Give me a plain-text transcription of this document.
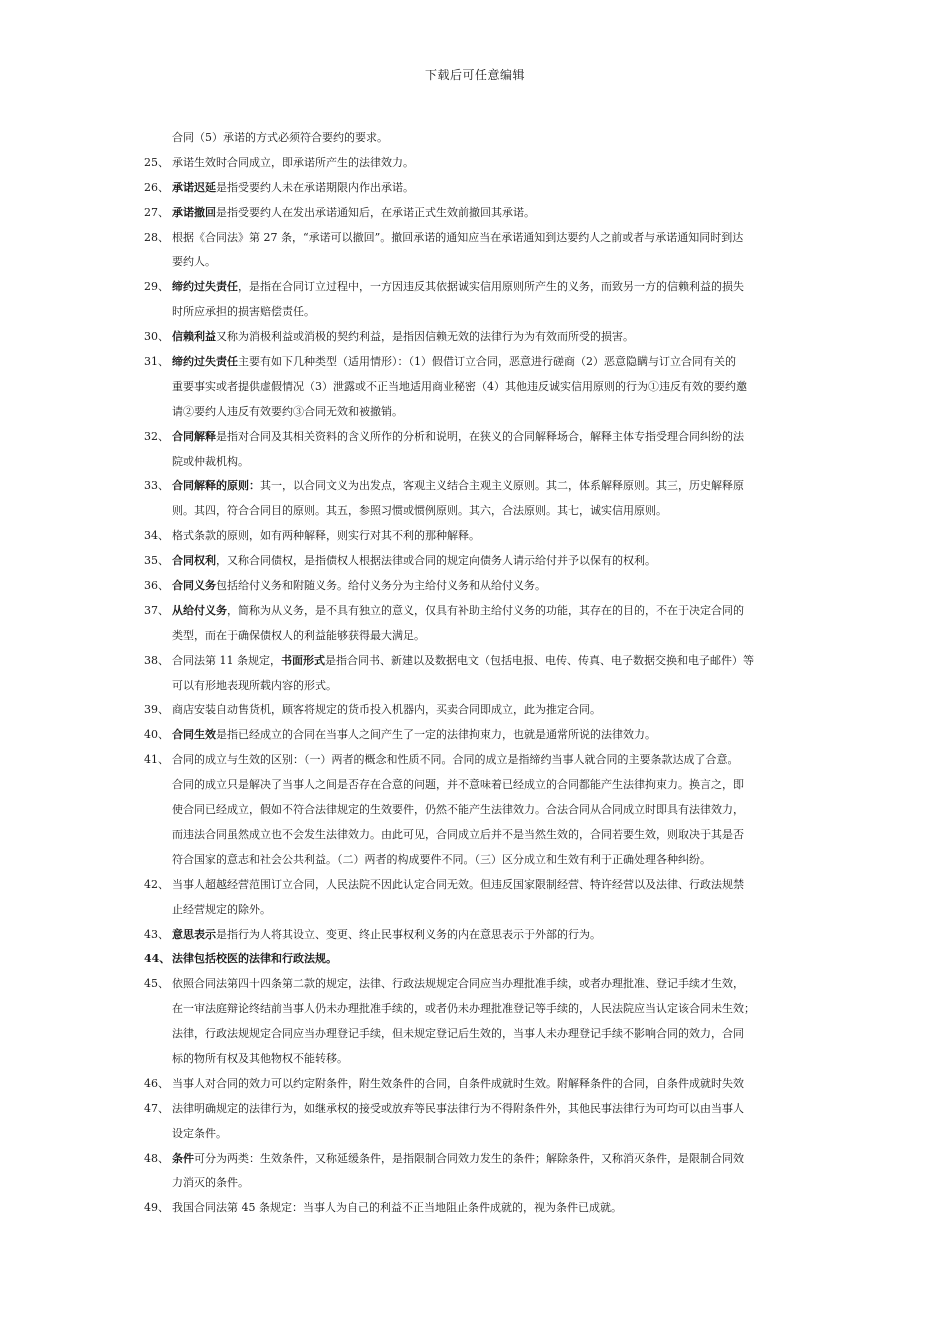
下载后可任意编辑
合同（5）承诺的方式必须符合要约的要求。
25、 承诺生效时合同成立，即承诺所产生的法律效力。
26、 承诺迟延是指受要约人未在承诺期限内作出承诺。
27、 承诺撤回是指受要约人在发出承诺通知后，在承诺正式生效前撤回其承诺。
28、 根据《合同法》第 27 条，“承诺可以撤回”。撤回承诺的通知应当在承诺通知到达要约人之前或者与承诺通知同时到达
要约人。
29、 缔约过失责任，是指在合同订立过程中，一方因违反其依据诚实信用原则所产生的义务，而致另一方的信赖利益的损失
时所应承担的损害赔偿责任。
30、 信赖利益又称为消极利益或消极的契约利益，是指因信赖无效的法律行为为有效而所受的损害。
31、 缔约过失责任主要有如下几种类型（适用情形）：（1）假借订立合同，恶意进行磋商（2）恶意隐瞒与订立合同有关的
重要事实或者提供虚假情况（3）泄露或不正当地适用商业秘密（4）其他违反诚实信用原则的行为①违反有效的要约邀
请②要约人违反有效要约③合同无效和被撤销。
32、 合同解释是指对合同及其相关资料的含义所作的分析和说明，在狭义的合同解释场合，解释主体专指受理合同纠纷的法
院或仲裁机构。
33、 合同解释的原则：其一，以合同文义为出发点，客观主义结合主观主义原则。其二，体系解释原则。其三，历史解释原
则。其四，符合合同目的原则。其五，参照习惯或惯例原则。其六，合法原则。其七，诚实信用原则。
34、 格式条款的原则，如有两种解释，则实行对其不利的那种解释。
35、 合同权利，又称合同债权，是指债权人根据法律或合同的规定向债务人请示给付并予以保有的权利。
36、 合同义务包括给付义务和附随义务。给付义务分为主给付义务和从给付义务。
37、 从给付义务，简称为从义务，是不具有独立的意义，仅具有补助主给付义务的功能，其存在的目的，不在于决定合同的
类型，而在于确保债权人的利益能够获得最大满足。
38、 合同法第 11 条规定，书面形式是指合同书、新建以及数据电文（包括电报、电传、传真、电子数据交换和电子邮件）等
可以有形地表现所载内容的形式。
39、 商店安装自动售货机，顾客将规定的货币投入机器内，买卖合同即成立，此为推定合同。
40、 合同生效是指已经成立的合同在当事人之间产生了一定的法律拘束力，也就是通常所说的法律效力。
41、 合同的成立与生效的区别：（一）两者的概念和性质不同。合同的成立是指缔约当事人就合同的主要条款达成了合意。
合同的成立只是解决了当事人之间是否存在合意的问题，并不意味着已经成立的合同都能产生法律拘束力。换言之，即
使合同已经成立，假如不符合法律规定的生效要件，仍然不能产生法律效力。合法合同从合同成立时即具有法律效力，
而违法合同虽然成立也不会发生法律效力。由此可见，合同成立后并不是当然生效的，合同若要生效，则取决于其是否
符合国家的意志和社会公共利益。（二）两者的构成要件不同。（三）区分成立和生效有利于正确处理各种纠纷。
42、 当事人超越经营范围订立合同，人民法院不因此认定合同无效。但违反国家限制经营、特许经营以及法律、行政法规禁
止经营规定的除外。
43、 意思表示是指行为人将其设立、变更、终止民事权利义务的内在意思表示于外部的行为。
44、 法律包括校医的法律和行政法规。
45、 依照合同法第四十四条第二款的规定，法律、行政法规规定合同应当办理批准手续，或者办理批准、登记手续才生效，
在一审法庭辩论终结前当事人仍未办理批准手续的，或者仍未办理批准登记等手续的，人民法院应当认定该合同未生效；
法律，行政法规规定合同应当办理登记手续，但未规定登记后生效的，当事人未办理登记手续不影响合同的效力，合同
标的物所有权及其他物权不能转移。
46、 当事人对合同的效力可以约定附条件，附生效条件的合同，自条件成就时生效。附解释条件的合同，自条件成就时失效
47、 法律明确规定的法律行为，如继承权的接受或放弃等民事法律行为不得附条件外，其他民事法律行为可均可以由当事人
设定条件。
48、 条件可分为两类：生效条件，又称延缓条件，是指限制合同效力发生的条件；解除条件，又称消灭条件，是限制合同效
力消灭的条件。
49、 我国合同法第 45 条规定：当事人为自己的利益不正当地阻止条件成就的，视为条件已成就。
